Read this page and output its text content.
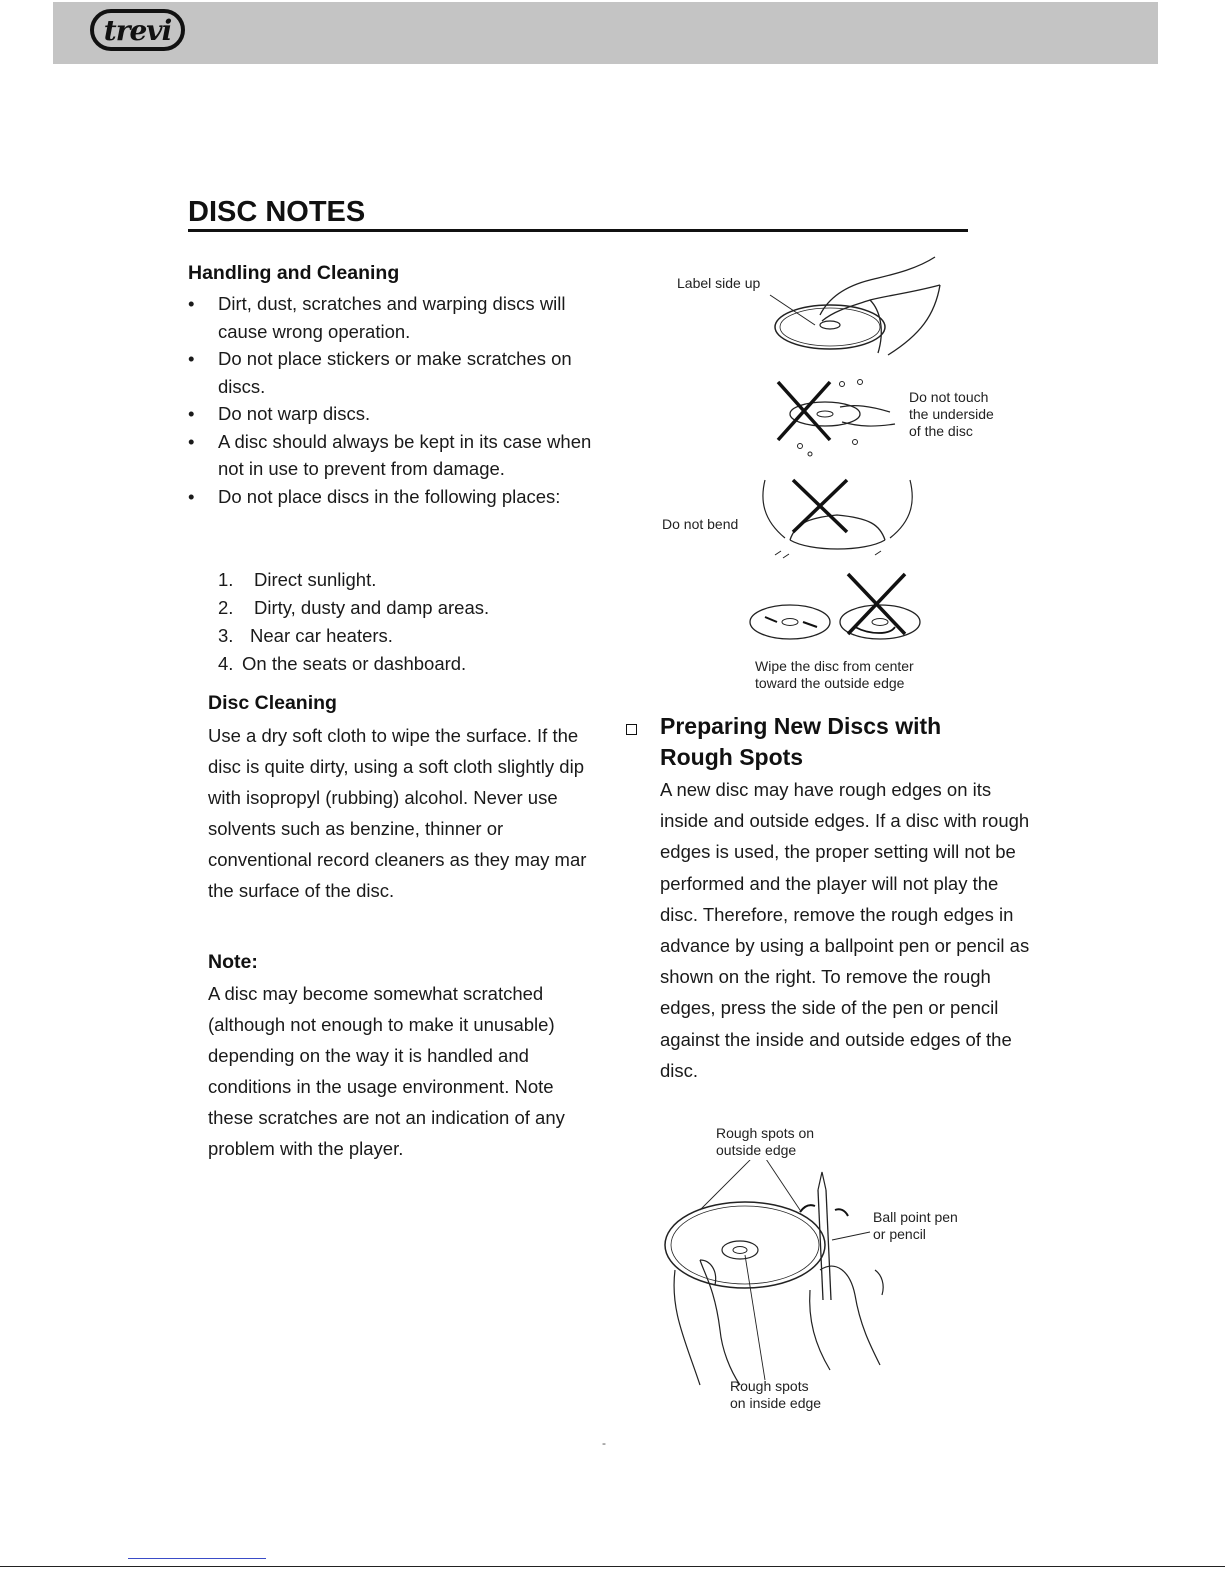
trevi
DISC NOTES
Handling and Cleaning
• Dirt, dust, scratches and warping discs will cause wrong operation.
• Do not place stickers or make scratches on discs.
• Do not warp discs.
• A disc should always be kept in its case when not in use to prevent from damage.
• Do not place discs in the following places:
1. Direct sunlight.
2. Dirty, dusty and damp areas.
3. Near car heaters.
4. On the seats or dashboard.
Disc Cleaning
Use a dry soft cloth to wipe the surface. If the disc is quite dirty, using a soft cloth slightly dip with isopropyl (rubbing) alcohol. Never use solvents such as benzine, thinner or conventional record cleaners as they may mar the surface of the disc.
Note:
A disc may become somewhat scratched (although not enough to make it unusable) depending on the way it is handled and conditions in the usage environment. Note these scratches are not an indication of any problem with the player.
Label side up
Do not touch
the underside
of the disc
Do not bend
Wipe the disc from center
toward the outside edge
Preparing New Discs with
Rough Spots
A new disc may have rough edges on its inside and outside edges. If a disc with rough edges is used, the proper setting will not be performed and the player will not play the disc. Therefore, remove the rough edges in advance by using a ballpoint pen or pencil as shown on the right. To remove the rough edges, press the side of the pen or pencil against the inside and outside edges of the disc.
Rough spots on
outside edge
Ball point pen
or pencil
Rough spots
on inside edge
-
